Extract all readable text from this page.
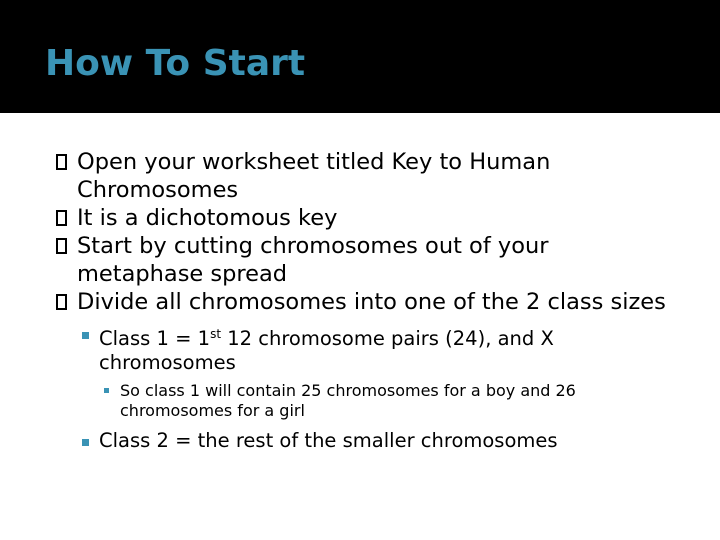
How To Start
Open your worksheet titled Key to Human Chromosomes
It is a dichotomous key
Start by cutting chromosomes out of your metaphase spread
Divide all chromosomes into one of the 2 class sizes
Class 1 = 1st 12 chromosome pairs (24), and X chromosomes
So class 1 will contain 25 chromosomes for a boy and 26 chromosomes for a girl
Class 2 = the rest of the smaller chromosomes
